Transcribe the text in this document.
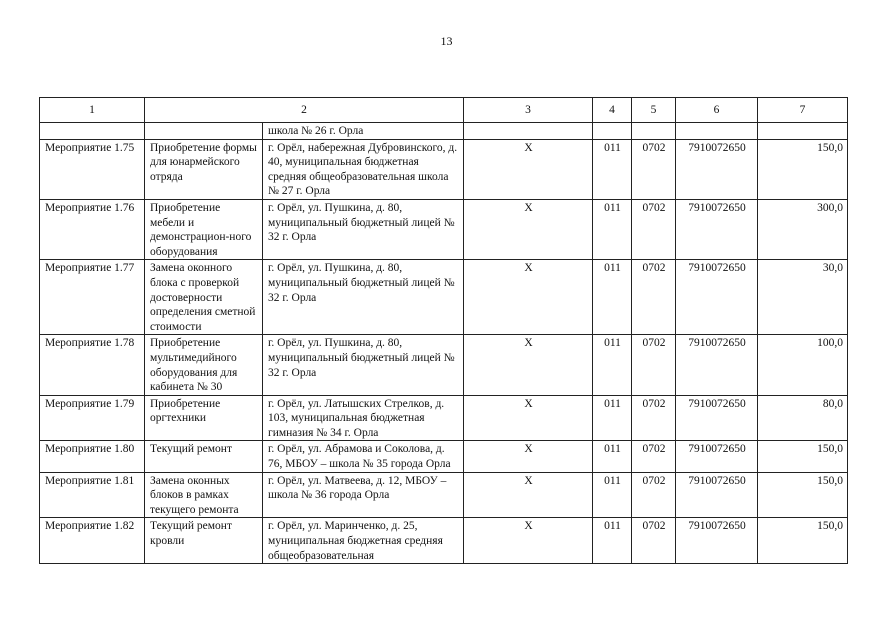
13
1	2		3	4	5	6	7
		школа № 26 г. Орла					
Мероприятие 1.75	Приобретение формы для юнармейского отряда	г. Орёл, набережная Дубровинского, д. 40, муниципальная бюджетная средняя общеобразовательная школа № 27 г. Орла	Х	011	0702	7910072650	150,0
Мероприятие 1.76	Приобретение мебели и демонстрацион-ного оборудования	г. Орёл, ул. Пушкина, д. 80, муниципальный бюджетный лицей № 32 г. Орла	Х	011	0702	7910072650	300,0
Мероприятие 1.77	Замена оконного блока с проверкой достоверности определения сметной стоимости	г. Орёл, ул. Пушкина, д. 80, муниципальный бюджетный лицей № 32 г. Орла	Х	011	0702	7910072650	30,0
Мероприятие 1.78	Приобретение мультимедийного оборудования для кабинета № 30	г. Орёл, ул. Пушкина, д. 80, муниципальный бюджетный лицей № 32 г. Орла	Х	011	0702	7910072650	100,0
Мероприятие 1.79	Приобретение оргтехники	г. Орёл, ул. Латышских Стрелков, д. 103, муниципальная бюджетная гимназия № 34 г. Орла	Х	011	0702	7910072650	80,0
Мероприятие 1.80	Текущий ремонт	г. Орёл, ул. Абрамова и Соколова, д. 76, МБОУ – школа № 35 города Орла	Х	011	0702	7910072650	150,0
Мероприятие 1.81	Замена оконных блоков в рамках текущего ремонта	г. Орёл, ул. Матвеева, д. 12, МБОУ – школа № 36 города Орла	Х	011	0702	7910072650	150,0
Мероприятие 1.82	Текущий ремонт кровли	г. Орёл, ул. Маринченко, д. 25, муниципальная бюджетная средняя общеобразовательная	Х	011	0702	7910072650	150,0
